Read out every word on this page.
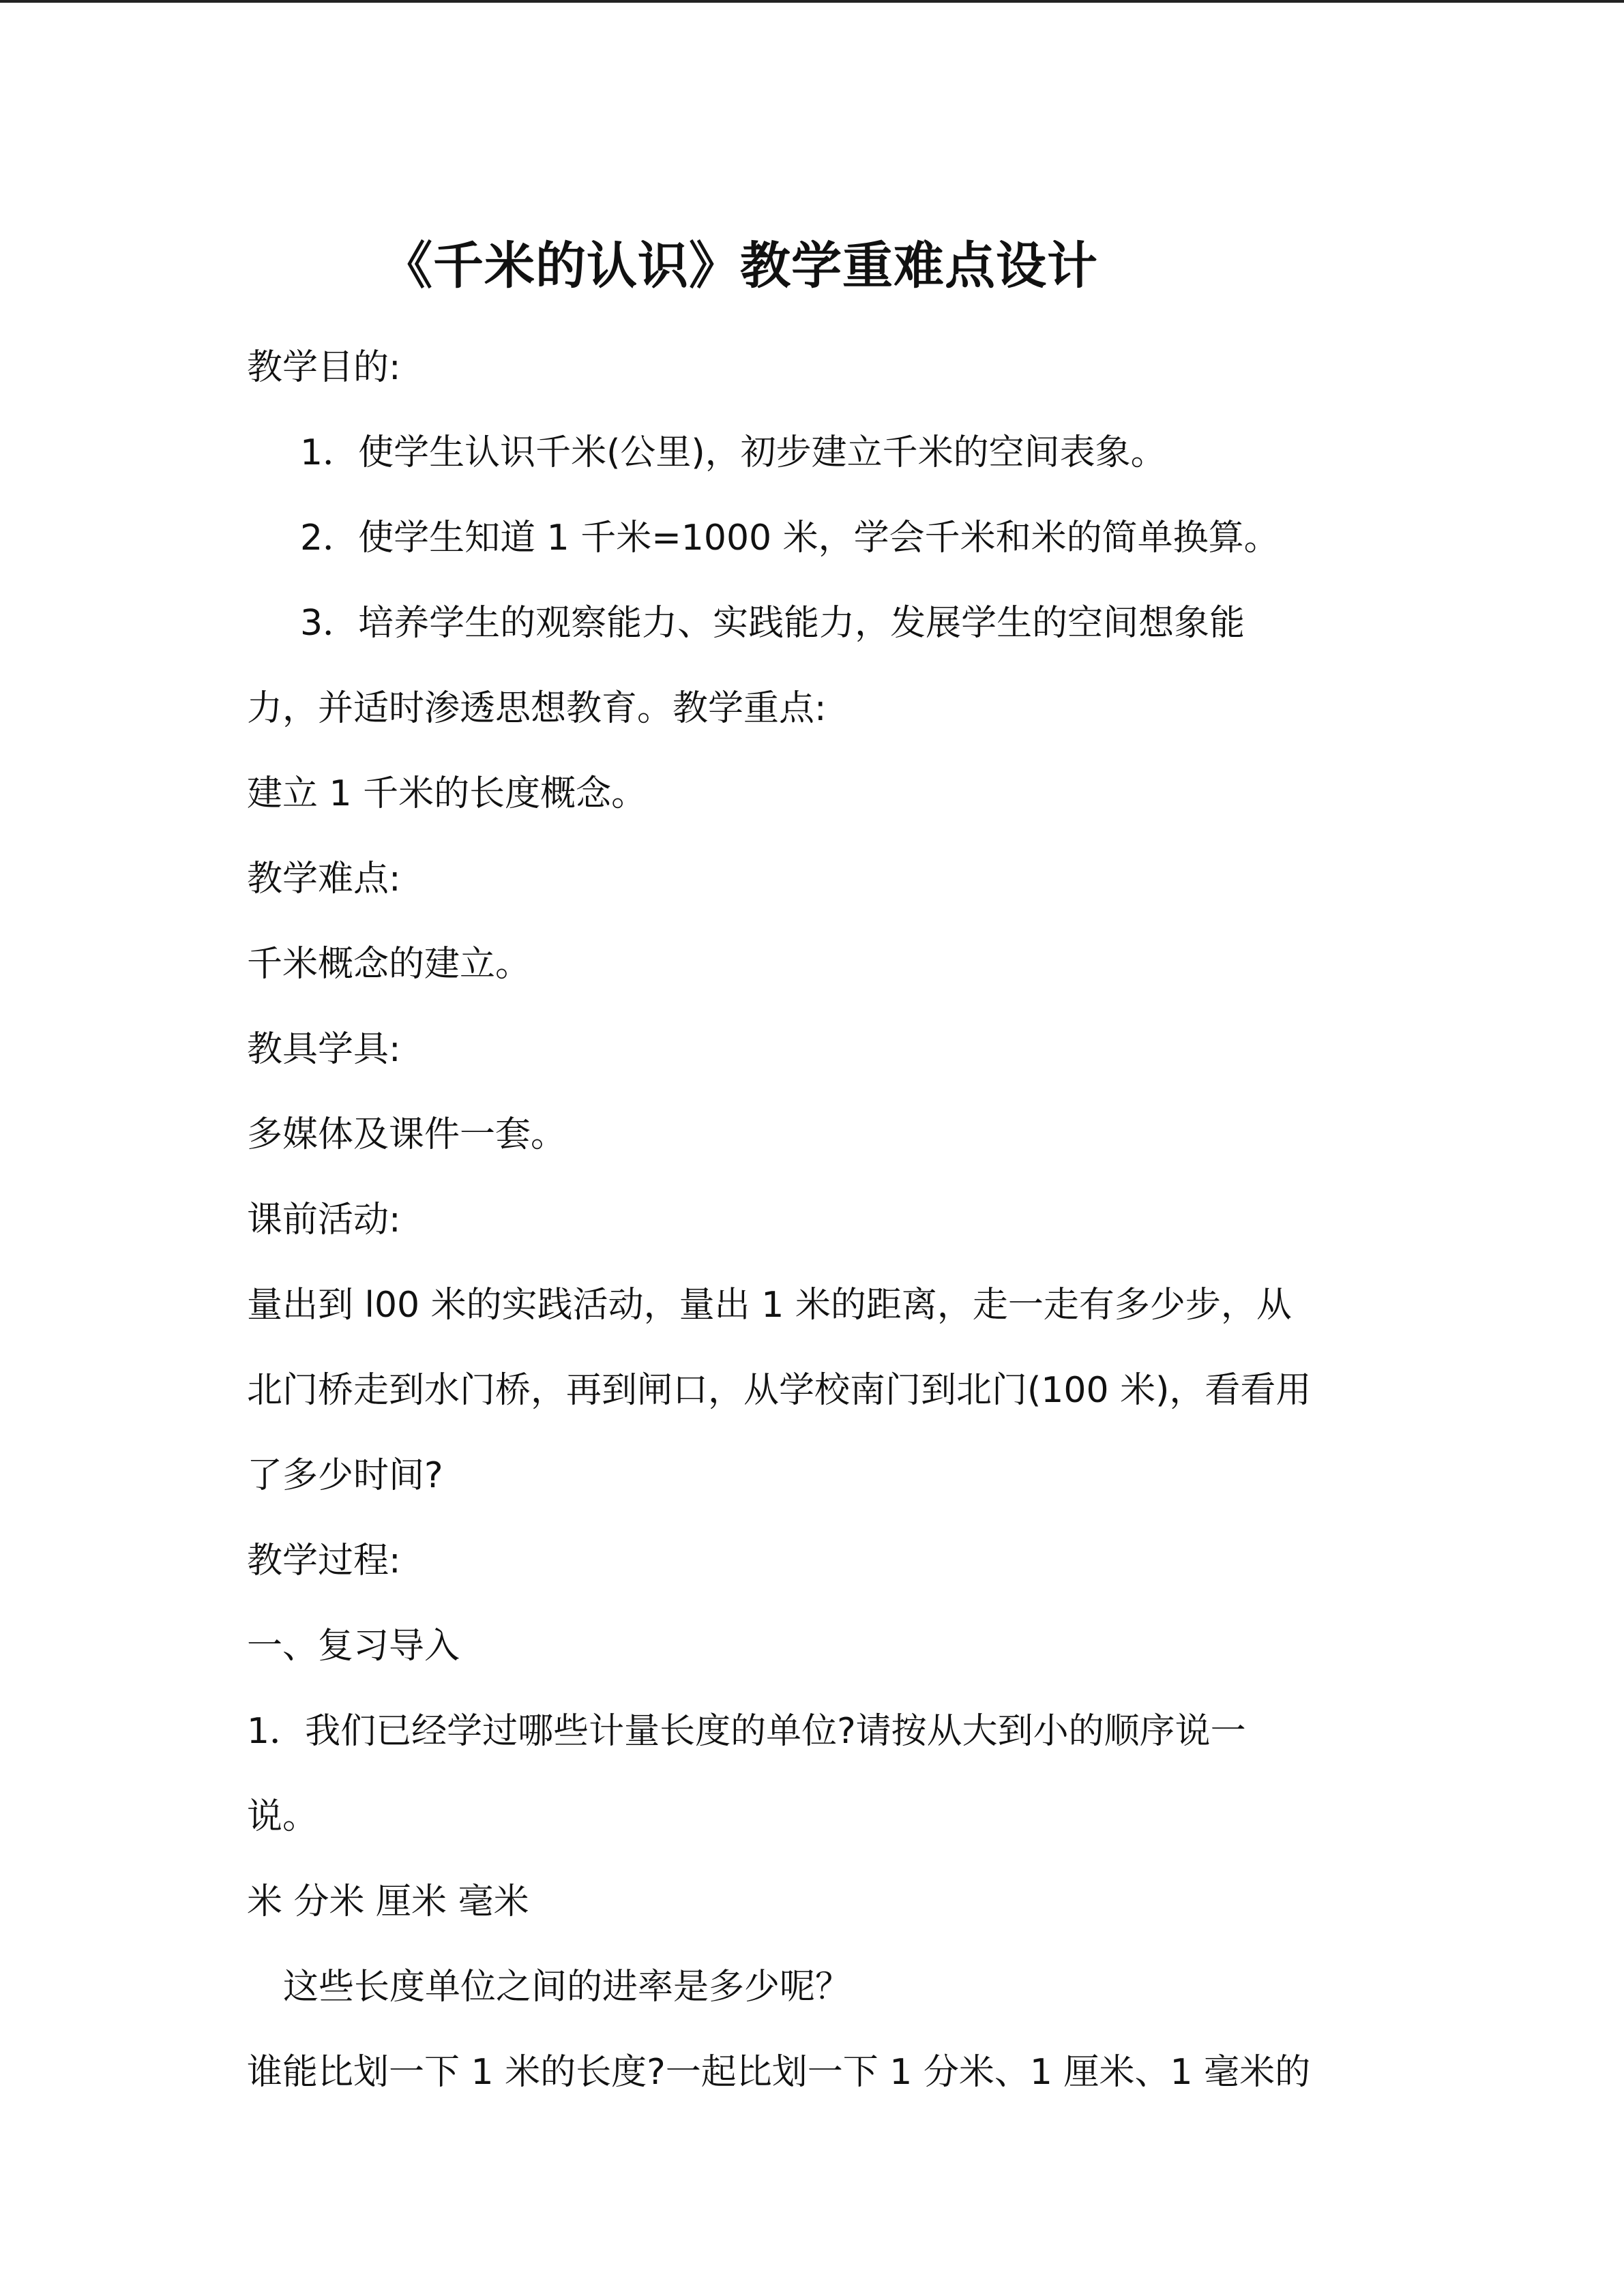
《千米的认识》教学重难点设计
教学目的:
1．使学生认识千米(公里)，初步建立千米的空间表象。
2．使学生知道 1 千米=1000 米，学会千米和米的简单换算。
3．培养学生的观察能力、实践能力，发展学生的空间想象能
力，并适时渗透思想教育。教学重点:
建立 1 千米的长度概念。
教学难点:
千米概念的建立。
教具学具:
多媒体及课件一套。
课前活动:
量出到 l00 米的实践活动，量出 1 米的距离，走一走有多少步，从
北门桥走到水门桥，再到闸口，从学校南门到北门(100 米)，看看用
了多少时间?
教学过程:
一、复习导入
1．我们已经学过哪些计量长度的单位?请按从大到小的顺序说一
说。
米 分米 厘米 毫米
这些长度单位之间的进率是多少呢？
谁能比划一下 1 米的长度?一起比划一下 1 分米、1 厘米、1 毫米的
